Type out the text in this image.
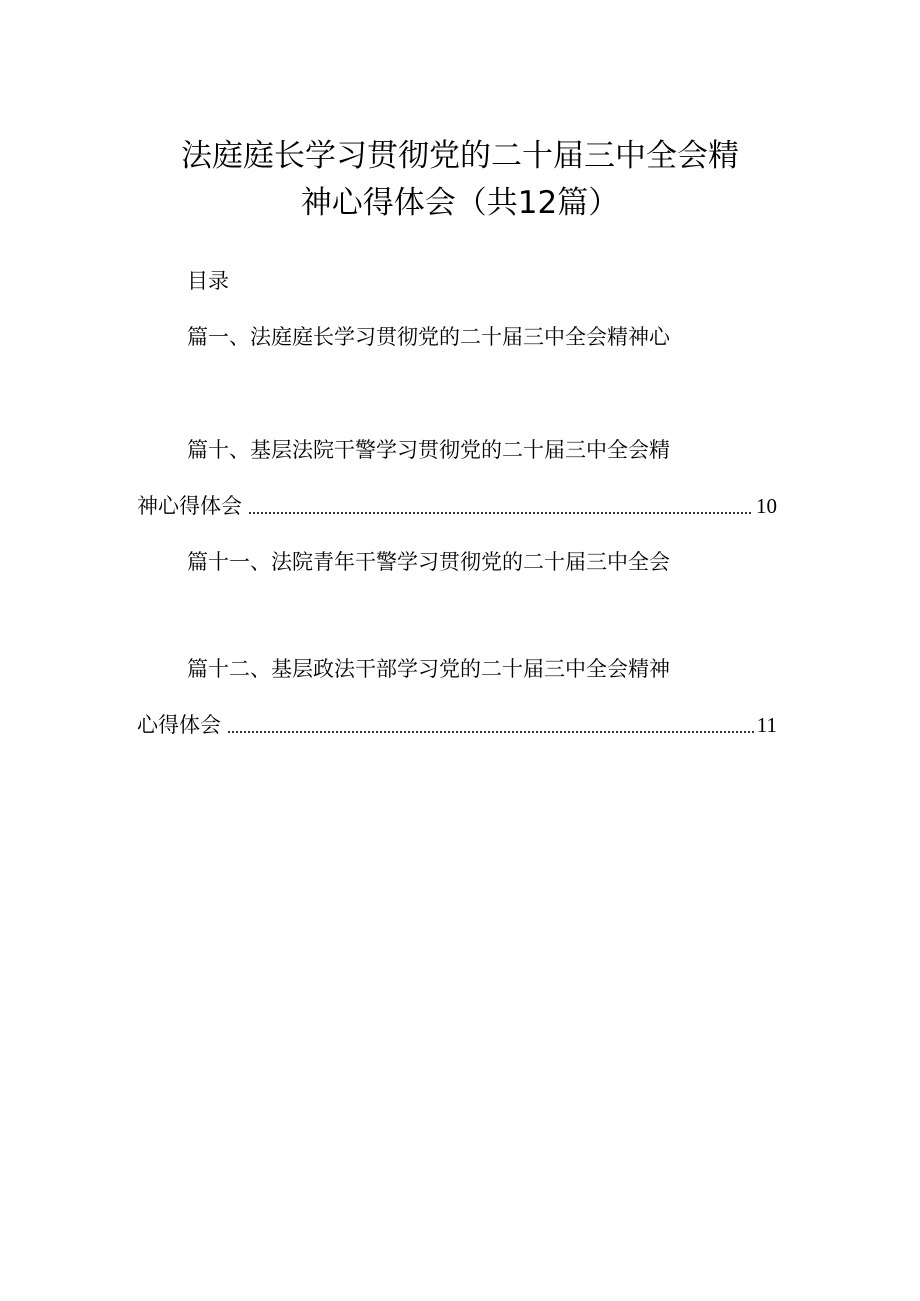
法庭庭长学习贯彻党的二十届三中全会精
神心得体会（共12篇）
目录
篇一、法庭庭长学习贯彻党的二十届三中全会精神心
篇十、基层法院干警学习贯彻党的二十届三中全会精
神心得体会	10
篇十一、法院青年干警学习贯彻党的二十届三中全会
篇十二、基层政法干部学习党的二十届三中全会精神
心得体会	11
